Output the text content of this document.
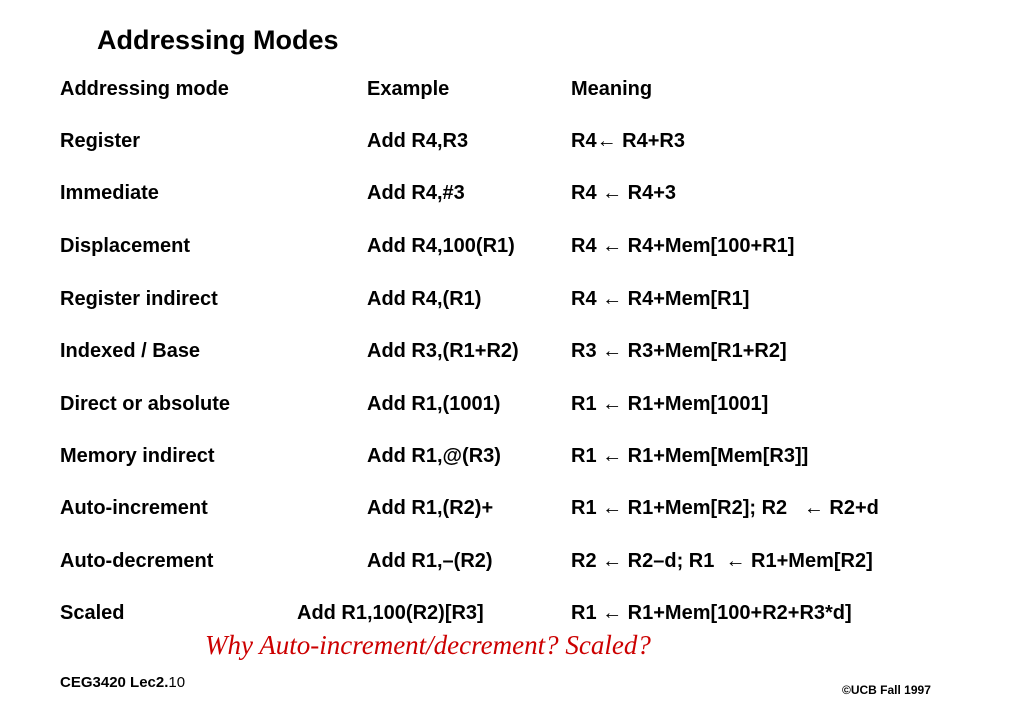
Addressing Modes
Addressing mode	Example	Meaning
Register	Add R4,R3	R4← R4+R3
Immediate	Add R4,#3	R4 ← R4+3
Displacement	Add R4,100(R1)	R4 ← R4+Mem[100+R1]
Register indirect	Add R4,(R1)	R4 ← R4+Mem[R1]
Indexed / Base	Add R3,(R1+R2)	R3 ← R3+Mem[R1+R2]
Direct or absolute	Add R1,(1001)	R1 ← R1+Mem[1001]
Memory indirect	Add R1,@(R3)	R1 ← R1+Mem[Mem[R3]]
Auto-increment	Add R1,(R2)+	R1 ← R1+Mem[R2]; R2   ← R2+d
Auto-decrement	Add R1,–(R2)	R2 ← R2–d; R1  ← R1+Mem[R2]
Scaled	Add R1,100(R2)[R3]	R1 ← R1+Mem[100+R2+R3*d]
Why Auto-increment/decrement? Scaled?
CEG3420 Lec2.10	©UCB Fall 1997
